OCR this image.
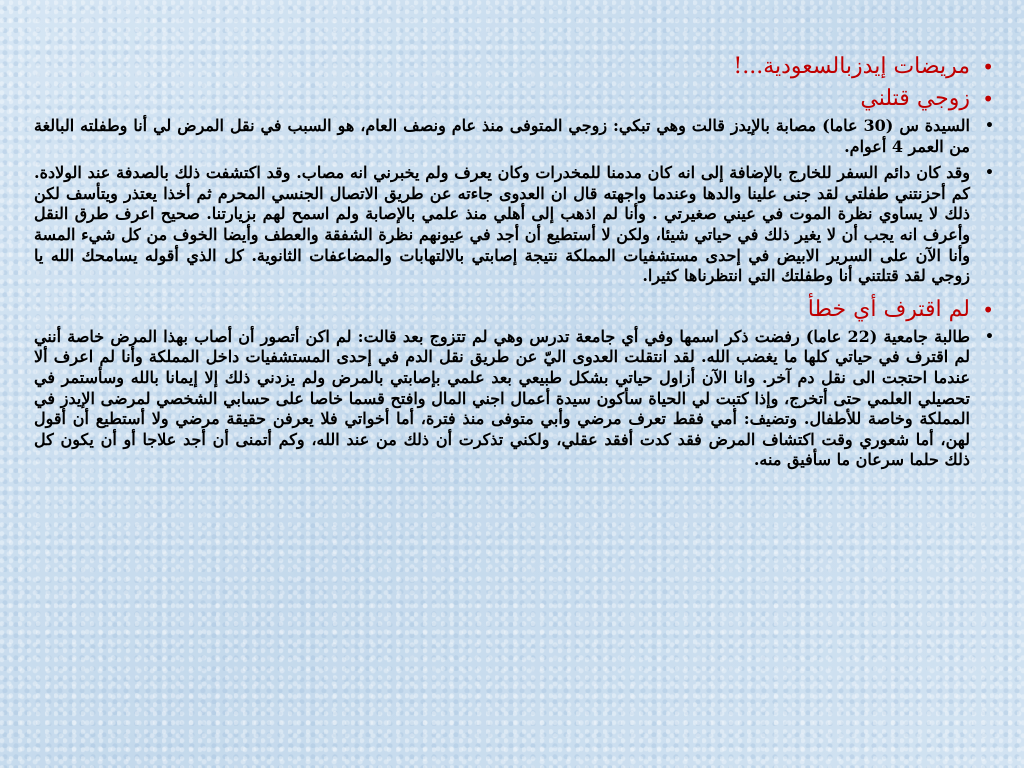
•
مريضات إيدزبالسعودية...!
•
زوجي قتلني
•
السيدة س (30 عاما) مصابة بالإيدز قالت وهي تبكي: زوجي المتوفى منذ عام ونصف العام، هو السبب في نقل المرض لي أنا وطفلته البالغة من العمر 4 أعوام.
•
وقد كان دائم السفر للخارج بالإضافة إلى انه كان مدمنا للمخدرات وكان يعرف ولم يخبرني انه مصاب. وقد اكتشفت ذلك بالصدفة عند الولادة. كم أحزنتني طفلتي لقد جنى علينا والدها وعندما واجهته قال ان العدوى جاءته عن طريق الاتصال الجنسي المحرم ثم أخذا يعتذر ويتأسف لكن ذلك لا يساوي نظرة الموت في عيني صغيرتي . وأنا لم اذهب إلى أهلي منذ علمي بالإصابة ولم اسمح لهم بزيارتنا. صحيح اعرف طرق النقل وأعرف انه يجب أن لا يغير ذلك في حياتي شيئا، ولكن لا أستطيع أن أجد في عيونهم نظرة الشفقة والعطف وأيضا الخوف من كل شيء المسة وأنا الآن على السرير الابيض في إحدى مستشفيات المملكة نتيجة إصابتي بالالتهابات والمضاعفات الثانوية. كل الذي أقوله يسامحك الله يا زوجي لقد قتلتني أنا وطفلتك التي انتظرناها كثيرا.
•
لم اقترف أي خطأ
•
طالبة جامعية (22 عاما) رفضت ذكر اسمها وفي أي جامعة تدرس وهي لم تتزوج بعد قالت: لم اكن أتصور أن أصاب بهذا المرض خاصة أنني لم اقترف في حياتي كلها ما يغضب الله. لقد انتقلت العدوى اليّ عن طريق نقل الدم في إحدى المستشفيات داخل المملكة وأنا لم اعرف ألا عندما احتجت الى نقل دم آخر. وانا الآن أزاول حياتي بشكل طبيعي بعد علمي بإصابتي بالمرض ولم يزدني ذلك إلا إيمانا بالله وسأستمر في تحصيلي العلمي حتى أتخرج، وإذا كتبت لي الحياة سأكون سيدة أعمال اجني المال وافتح قسما خاصا على حسابي الشخصي لمرضى الإيدز في المملكة وخاصة للأطفال. وتضيف: أمي فقط تعرف مرضي وأبي متوفى منذ فترة، أما أخواتي فلا يعرفن حقيقة مرضي ولا أستطيع أن أقول لهن، أما شعوري وقت اكتشاف المرض فقد كدت أفقد عقلي، ولكني تذكرت أن ذلك من عند الله، وكم أتمنى أن أجد علاجا أو أن يكون كل ذلك حلما سرعان ما سأفيق منه.
